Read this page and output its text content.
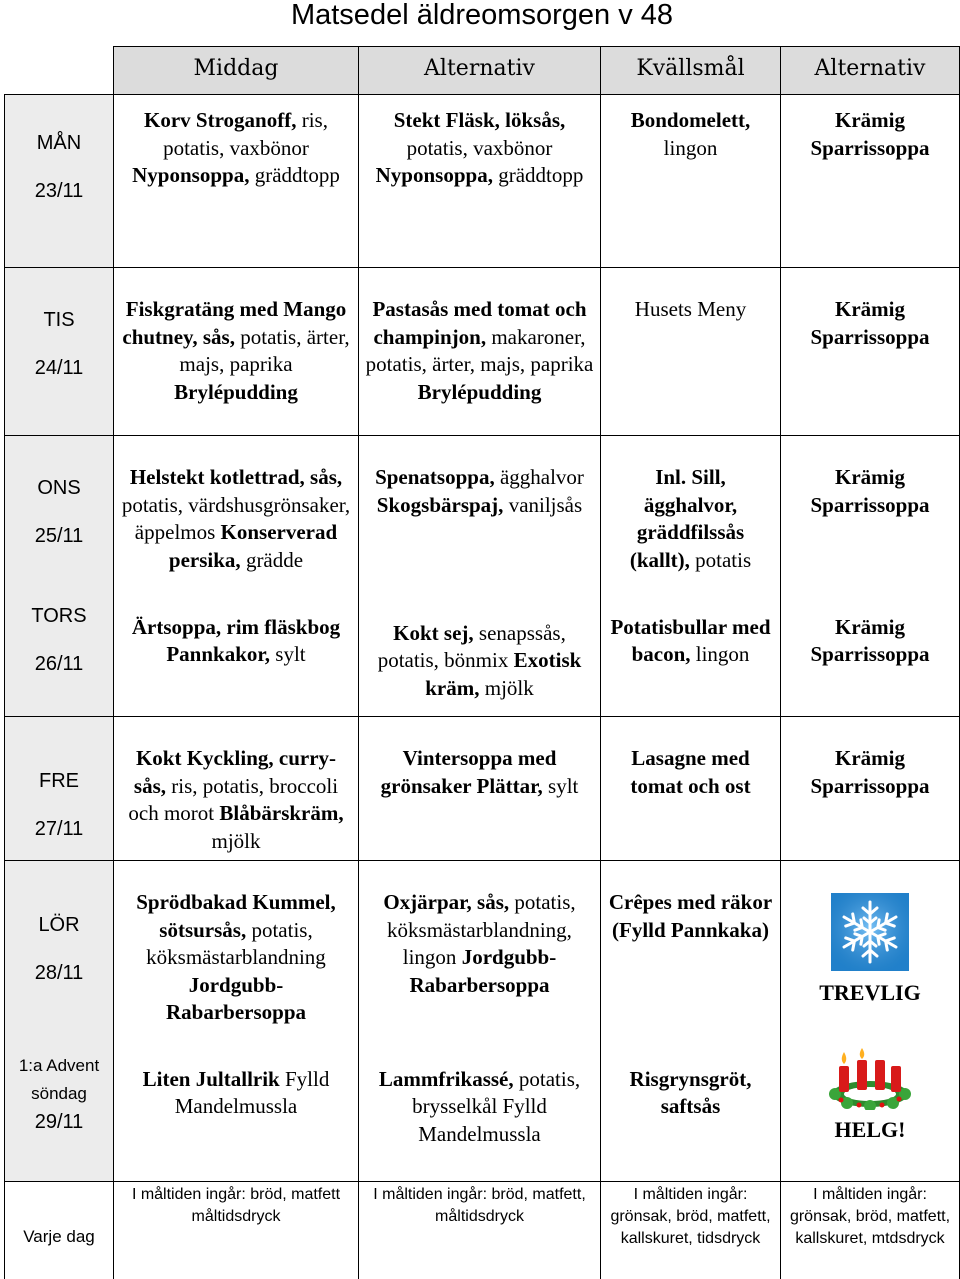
Matsedel äldreomsorgen v 48
	Middag	Alternativ	Kvällsmål	Alternativ

MÅN
23/11	Korv Stroganoff, ris, potatis, vaxbönor Nyponsoppa, gräddtopp	Stekt Fläsk, löksås, potatis, vaxbönor Nyponsoppa, gräddtopp	Bondomelett, lingon	Krämig Sparrissoppa

TIS
24/11	Fiskgratäng med Mango chutney, sås, potatis, ärter, majs, paprika Brylépudding	Pastasås med tomat och champinjon, makaroner, potatis, ärter, majs, paprika Brylépudding	Husets Meny	Krämig Sparrissoppa

ONS
25/11	Helstekt kotlettrad, sås, potatis, värdshusgrönsaker, äppelmos Konserverad persika, grädde	Spenatsoppa, ägghalvor Skogsbärspaj, vaniljsås	Inl. Sill, ägghalvor, gräddfilssås (kallt), potatis	Krämig Sparrissoppa

TORS
26/11	Ärtsoppa, rim fläskbog Pannkakor, sylt	Kokt sej, senapssås, potatis, bönmix Exotisk kräm, mjölk	Potatisbullar med bacon, lingon	Krämig Sparrissoppa

FRE
27/11	Kokt Kyckling, curry-sås, ris, potatis, broccoli och morot Blåbärskräm, mjölk	Vintersoppa med grönsaker Plättar, sylt	Lasagne med tomat och ost	Krämig Sparrissoppa

LÖR
28/11	Sprödbakad Kummel, sötsursås, potatis, köksmästarblandning Jordgubb-Rabarbersoppa	Oxjärpar, sås, potatis, köksmästarblandning, lingon Jordgubb-Rabarbersoppa	Crêpes med räkor (Fylld Pannkaka)	TREVLIG

1:a Advent
söndag
29/11	Liten Jultallrik Fylld Mandelmussla	Lammfrikassé, potatis, brysselkål Fylld Mandelmussla	Risgrynsgröt, saftsås	HELG!
Varje dag	I måltiden ingår: bröd, matfett måltidsdryck	I måltiden ingår: bröd, matfett, måltidsdryck	I måltiden ingår: grönsak, bröd, matfett, kallskuret, tidsdryck	I måltiden ingår: grönsak, bröd, matfett, kallskuret, mtdsdryck
